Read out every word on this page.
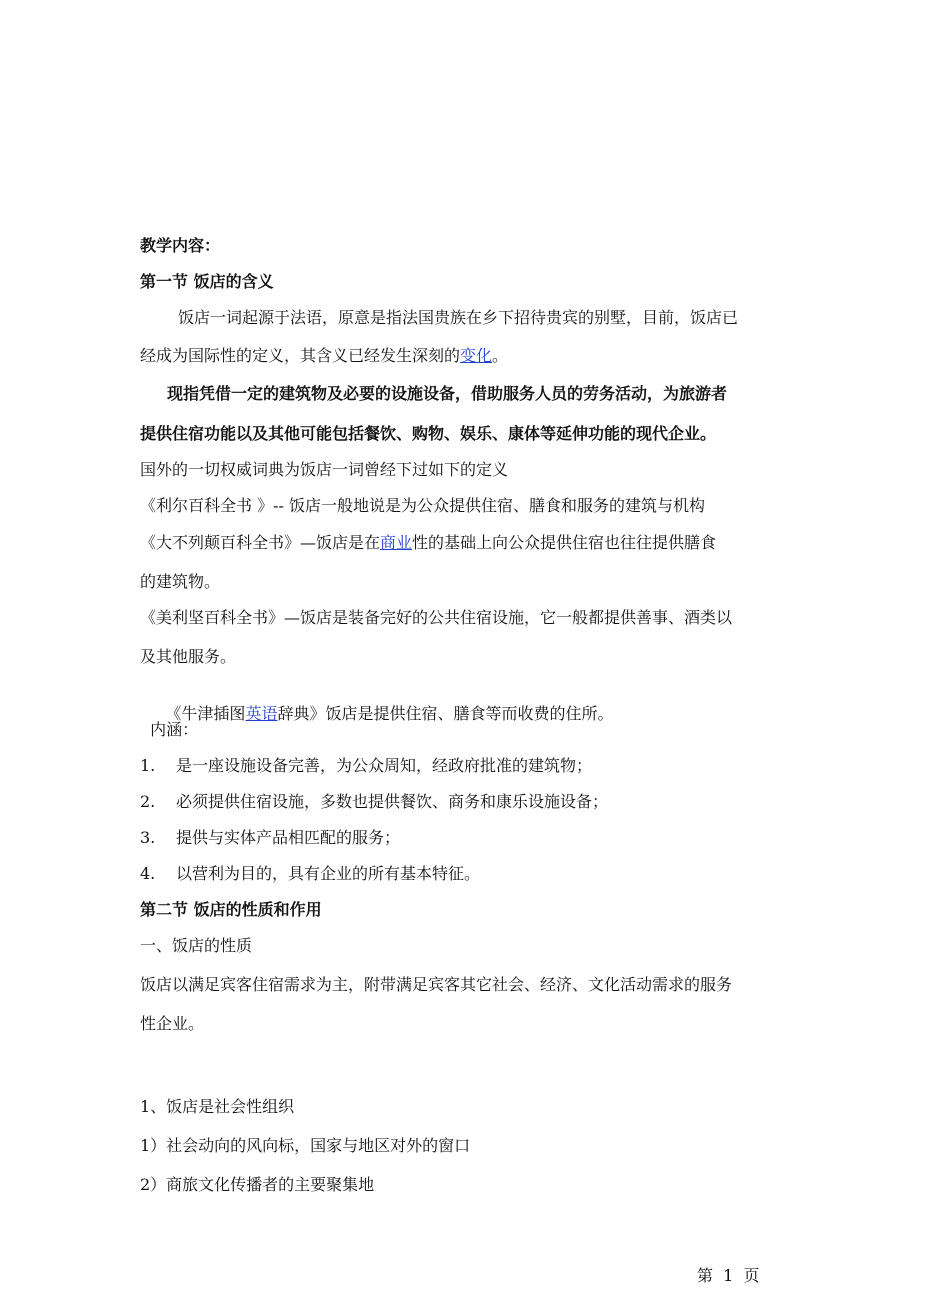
教学内容：
第一节 饭店的含义
饭店一词起源于法语，原意是指法国贵族在乡下招待贵宾的别墅，目前，饭店已
经成为国际性的定义，其含义已经发生深刻的变化。
现指凭借一定的建筑物及必要的设施设备，借助服务人员的劳务活动，为旅游者
提供住宿功能以及其他可能包括餐饮、购物、娱乐、康体等延伸功能的现代企业。
国外的一切权威词典为饭店一词曾经下过如下的定义
《利尔百科全书 》-- 饭店一般地说是为公众提供住宿、膳食和服务的建筑与机构
《大不列颠百科全书》—饭店是在商业性的基础上向公众提供住宿也往往提供膳食
的建筑物。
《美利坚百科全书》—饭店是装备完好的公共住宿设施，它一般都提供善事、酒类以
及其他服务。

《牛津插图英语辞典》饭店是提供住宿、膳食等而收费的住所。

内涵：
1. 是一座设施设备完善，为公众周知，经政府批准的建筑物；
2. 必须提供住宿设施，多数也提供餐饮、商务和康乐设施设备；
3. 提供与实体产品相匹配的服务；
4. 以营利为目的，具有企业的所有基本特征。
第二节 饭店的性质和作用
一、饭店的性质
饭店以满足宾客住宿需求为主，附带满足宾客其它社会、经济、文化活动需求的服务
性企业。
1、饭店是社会性组织
1）社会动向的风向标，国家与地区对外的窗口
2）商旅文化传播者的主要聚集地
第  1  页
